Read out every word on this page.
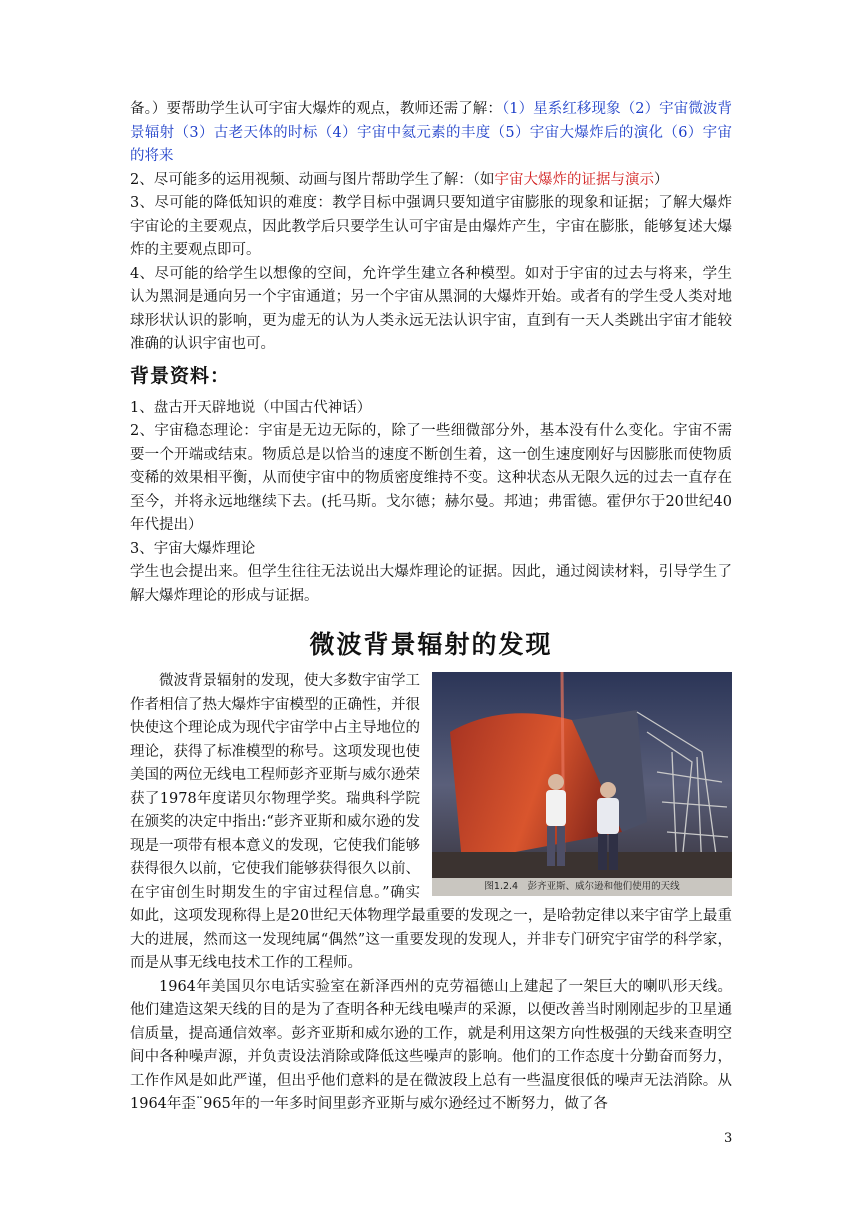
备。）要帮助学生认可宇宙大爆炸的观点，教师还需了解：（1）星系红移现象（2）宇宙微波背景辐射（3）古老天体的时标（4）宇宙中氦元素的丰度（5）宇宙大爆炸后的演化（6）宇宙的将来

2、尽可能多的运用视频、动画与图片帮助学生了解：（如宇宙大爆炸的证据与演示）

3、尽可能的降低知识的难度：教学目标中强调只要知道宇宙膨胀的现象和证据；了解大爆炸宇宙论的主要观点，因此教学后只要学生认可宇宙是由爆炸产生，宇宙在膨胀，能够复述大爆炸的主要观点即可。

4、尽可能的给学生以想像的空间，允许学生建立各种模型。如对于宇宙的过去与将来，学生认为黑洞是通向另一个宇宙通道；另一个宇宙从黑洞的大爆炸开始。或者有的学生受人类对地球形状认识的影响，更为虚无的认为人类永远无法认识宇宙，直到有一天人类跳出宇宙才能较准确的认识宇宙也可。

背景资料：

1、盘古开天辟地说（中国古代神话）

2、宇宙稳态理论：宇宙是无边无际的，除了一些细微部分外，基本没有什么变化。宇宙不需要一个开端或结束。物质总是以恰当的速度不断创生着，这一创生速度刚好与因膨胀而使物质变稀的效果相平衡，从而使宇宙中的物质密度维持不变。这种状态从无限久远的过去一直存在至今，并将永远地继续下去。(托马斯。戈尔德；赫尔曼。邦迪；弗雷德。霍伊尔于20世纪40年代提出）

3、宇宙大爆炸理论

学生也会提出来。但学生往往无法说出大爆炸理论的证据。因此，通过阅读材料，引导学生了解大爆炸理论的形成与证据。

微波背景辐射的发现
图1.2.4　彭齐亚斯、威尔逊和他们使用的天线

微波背景辐射的发现，使大多数宇宙学工作者相信了热大爆炸宇宙模型的正确性，并很快使这个理论成为现代宇宙学中占主导地位的理论，获得了标准模型的称号。这项发现也使美国的两位无线电工程师彭齐亚斯与威尔逊荣获了1978年度诺贝尔物理学奖。瑞典科学院在颁奖的决定中指出:“彭齐亚斯和威尔逊的发现是一项带有根本意义的发现，它使我们能够获得很久以前，它使我们能够获得很久以前、在宇宙创生时期发生的宇宙过程信息。”确实如此，这项发现称得上是20世纪天体物理学最重要的发现之一，是哈勃定律以来宇宙学上最重大的进展，然而这一发现纯属“偶然”这一重要发现的发现人，并非专门研究宇宙学的科学家，而是从事无线电技术工作的工程师。

1964年美国贝尔电话实验室在新泽西州的克劳福德山上建起了一架巨大的喇叭形天线。他们建造这架天线的目的是为了查明各种无线电噪声的采源，以便改善当时刚刚起步的卫星通信质量，提高通信效率。彭齐亚斯和威尔逊的工作，就是利用这架方向性极强的天线来查明空间中各种噪声源，并负责设法消除或降低这些噪声的影响。他们的工作态度十分勤奋而努力，工作作风是如此严谨，但出乎他们意料的是在微波段上总有一些温度很低的噪声无法消除。从1964年歪¨965年的一年多时间里彭齐亚斯与威尔逊经过不断努力，做了各

3
